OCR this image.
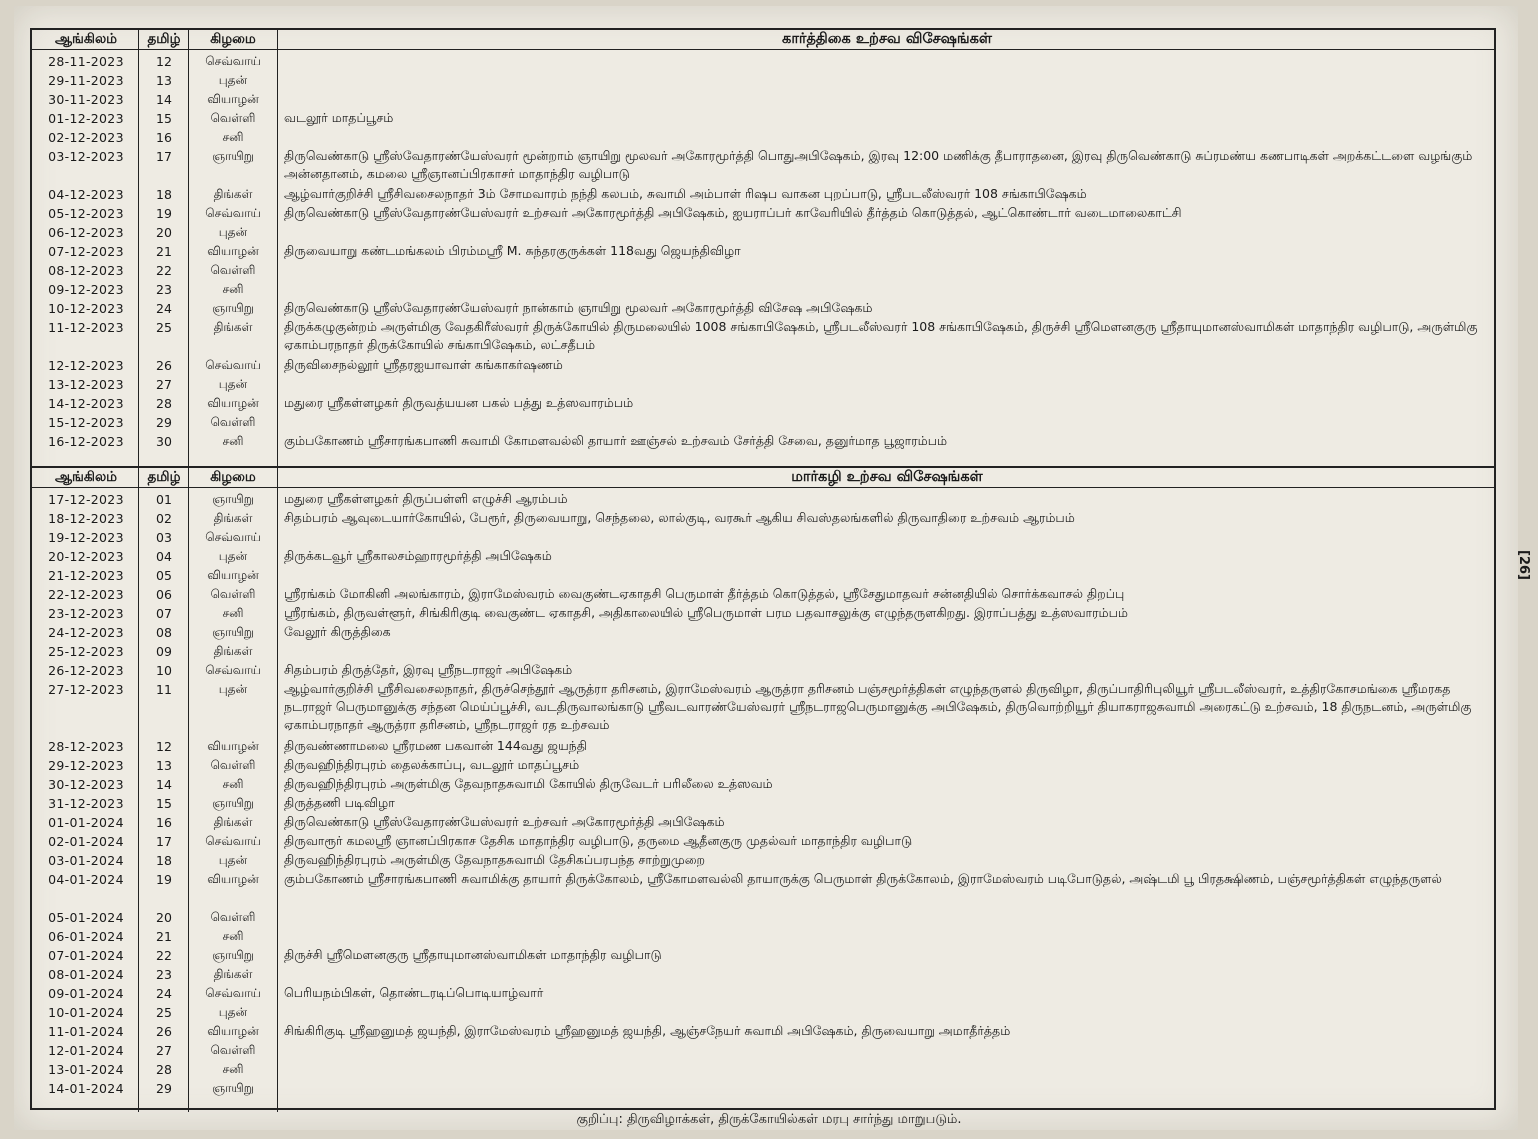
ஆங்கிலம்	தமிழ்	கிழமை	கார்த்திகை உற்சவ விசேஷங்கள்
28-11-2023	12	செவ்வாய்
29-11-2023	13	புதன்
30-11-2023	14	வியாழன்
01-12-2023	15	வெள்ளி	வடலூர் மாதப்பூசம்
02-12-2023	16	சனி
03-12-2023	17	ஞாயிறு	திருவெண்காடு ஸ்ரீஸ்வேதாரண்யேஸ்வரர் மூன்றாம் ஞாயிறு மூலவர் அகோரமூர்த்தி பொதுஅபிஷேகம், இரவு 12:00 மணிக்கு தீபாராதனை, இரவு திருவெண்காடு சுப்ரமண்ய கணபாடிகள் அறக்கட்டளை வழங்கும் அன்னதானம், கமலை ஸ்ரீஞானப்பிரகாசர் மாதாந்திர வழிபாடு
04-12-2023	18	திங்கள்	ஆழ்வார்குறிச்சி ஸ்ரீசிவசைலநாதர் 3ம் சோமவாரம் நந்தி கலபம், சுவாமி அம்பாள் ரிஷப வாகன புறப்பாடு, ஸ்ரீபடலீஸ்வரர் 108 சங்காபிஷேகம்
05-12-2023	19	செவ்வாய்	திருவெண்காடு ஸ்ரீஸ்வேதாரண்யேஸ்வரர் உற்சவர் அகோரமூர்த்தி அபிஷேகம், ஐயராப்பர் காவேரியில் தீர்த்தம் கொடுத்தல், ஆட்கொண்டார் வடைமாலைகாட்சி
06-12-2023	20	புதன்
07-12-2023	21	வியாழன்	திருவையாறு கண்டமங்கலம் பிரம்மஸ்ரீ M. சுந்தரகுருக்கள் 118வது ஜெயந்திவிழா
08-12-2023	22	வெள்ளி
09-12-2023	23	சனி
10-12-2023	24	ஞாயிறு	திருவெண்காடு ஸ்ரீஸ்வேதாரண்யேஸ்வரர் நான்காம் ஞாயிறு மூலவர் அகோரமூர்த்தி விசேஷ அபிஷேகம்
11-12-2023	25	திங்கள்	திருக்கழுகுன்றம் அருள்மிகு வேதகிரீஸ்வரர் திருக்கோயில் திருமலையில் 1008 சங்காபிஷேகம், ஸ்ரீபடலீஸ்வரர் 108 சங்காபிஷேகம், திருச்சி ஸ்ரீமௌனகுரு ஸ்ரீதாயுமானஸ்வாமிகள் மாதாந்திர வழிபாடு, அருள்மிகு ஏகாம்பரநாதர் திருக்கோயில் சங்காபிஷேகம், லட்சதீபம்
12-12-2023	26	செவ்வாய்	திருவிசைநல்லூர் ஸ்ரீதரஐயாவாள் கங்காகர்ஷணம்
13-12-2023	27	புதன்
14-12-2023	28	வியாழன்	மதுரை ஸ்ரீகள்ளழகர் திருவத்யயன பகல் பத்து உத்ஸவாரம்பம்
15-12-2023	29	வெள்ளி
16-12-2023	30	சனி	கும்பகோணம் ஸ்ரீசாரங்கபாணி சுவாமி கோமளவல்லி தாயார் ஊஞ்சல் உற்சவம் சேர்த்தி சேவை, தனுர்மாத பூஜாரம்பம்
ஆங்கிலம்	தமிழ்	கிழமை	மார்கழி உற்சவ விசேஷங்கள்
17-12-2023	01	ஞாயிறு	மதுரை ஸ்ரீகள்ளழகர் திருப்பள்ளி எழுச்சி ஆரம்பம்
18-12-2023	02	திங்கள்	சிதம்பரம் ஆவுடையார்கோயில், பேரூர், திருவையாறு, செந்தலை, லால்குடி, வரகூர் ஆகிய சிவஸ்தலங்களில் திருவாதிரை உற்சவம் ஆரம்பம்
19-12-2023	03	செவ்வாய்
20-12-2023	04	புதன்	திருக்கடவூர் ஸ்ரீகாலசம்ஹாரமூர்த்தி அபிஷேகம்
21-12-2023	05	வியாழன்
22-12-2023	06	வெள்ளி	ஸ்ரீரங்கம் மோகினி அலங்காரம், இராமேஸ்வரம் வைகுண்டஏகாதசி பெருமாள் தீர்த்தம் கொடுத்தல், ஸ்ரீசேதுமாதவர் சன்னதியில் சொர்க்கவாசல் திறப்பு
23-12-2023	07	சனி	ஸ்ரீரங்கம், திருவள்ளூர், சிங்கிரிகுடி வைகுண்ட ஏகாதசி, அதிகாலையில் ஸ்ரீபெருமாள் பரம பதவாசலுக்கு எழுந்தருளகிறது. இராப்பத்து உத்ஸவாரம்பம்
24-12-2023	08	ஞாயிறு	வேலூர் கிருத்திகை
25-12-2023	09	திங்கள்
26-12-2023	10	செவ்வாய்	சிதம்பரம் திருத்தேர், இரவு ஸ்ரீநடராஜர் அபிஷேகம்
27-12-2023	11	புதன்	ஆழ்வார்குறிச்சி ஸ்ரீசிவசைலநாதர், திருச்செந்தூர் ஆருத்ரா தரிசனம், இராமேஸ்வரம் ஆருத்ரா தரிசனம் பஞ்சமூர்த்திகள் எழுந்தருளல் திருவிழா, திருப்பாதிரிபுலியூர் ஸ்ரீபடலீஸ்வரர், உத்திரகோசமங்கை ஸ்ரீமரகத நடராஜர் பெருமானுக்கு சந்தன மெய்ப்பூச்சி, வடதிருவாலங்காடு ஸ்ரீவடவாரண்யேஸ்வரர் ஸ்ரீநடராஜபெருமானுக்கு அபிஷேகம், திருவொற்றியூர் தியாகராஜசுவாமி அரைகட்டு உற்சவம், 18 திருநடனம், அருள்மிகு ஏகாம்பரநாதர் ஆருத்ரா தரிசனம், ஸ்ரீநடராஜர் ரத உற்சவம்
28-12-2023	12	வியாழன்	திருவண்ணாமலை ஸ்ரீரமண பகவான் 144வது ஜயந்தி
29-12-2023	13	வெள்ளி	திருவஹிந்திரபுரம் தைலக்காப்பு, வடலூர் மாதப்பூசம்
30-12-2023	14	சனி	திருவஹிந்திரபுரம் அருள்மிகு தேவநாதசுவாமி கோயில் திருவேடர் பரிலீலை உத்ஸவம்
31-12-2023	15	ஞாயிறு	திருத்தணி படிவிழா
01-01-2024	16	திங்கள்	திருவெண்காடு ஸ்ரீஸ்வேதாரண்யேஸ்வரர் உற்சவர் அகோரமூர்த்தி அபிஷேகம்
02-01-2024	17	செவ்வாய்	திருவாரூர் கமலஸ்ரீ ஞானப்பிரகாச தேசிக மாதாந்திர வழிபாடு, தருமை ஆதீனகுரு முதல்வர் மாதாந்திர வழிபாடு
03-01-2024	18	புதன்	திருவஹிந்திரபுரம் அருள்மிகு தேவநாதசுவாமி தேசிகப்பரபந்த சாற்றுமுறை
04-01-2024	19	வியாழன்	கும்பகோணம் ஸ்ரீசாரங்கபாணி சுவாமிக்கு தாயார் திருக்கோலம், ஸ்ரீகோமளவல்லி தாயாருக்கு பெருமாள் திருக்கோலம், இராமேஸ்வரம் படிபோடுதல், அஷ்டமி பூ பிரதக்ஷிணம், பஞ்சமூர்த்திகள் எழுந்தருளல்
05-01-2024	20	வெள்ளி
06-01-2024	21	சனி
07-01-2024	22	ஞாயிறு	திருச்சி ஸ்ரீமௌனகுரு ஸ்ரீதாயுமானஸ்வாமிகள் மாதாந்திர வழிபாடு
08-01-2024	23	திங்கள்
09-01-2024	24	செவ்வாய்	பெரியநம்பிகள், தொண்டரடிப்பொடியாழ்வார்
10-01-2024	25	புதன்
11-01-2024	26	வியாழன்	சிங்கிரிகுடி ஸ்ரீஹனுமத் ஜயந்தி, இராமேஸ்வரம் ஸ்ரீஹனுமத் ஜயந்தி, ஆஞ்சநேயர் சுவாமி அபிஷேகம், திருவையாறு அமாதீர்த்தம்
12-01-2024	27	வெள்ளி
13-01-2024	28	சனி
14-01-2024	29	ஞாயிறு
[26]
குறிப்பு: திருவிழாக்கள், திருக்கோயில்கள் மரபு சார்ந்து மாறுபடும்.
